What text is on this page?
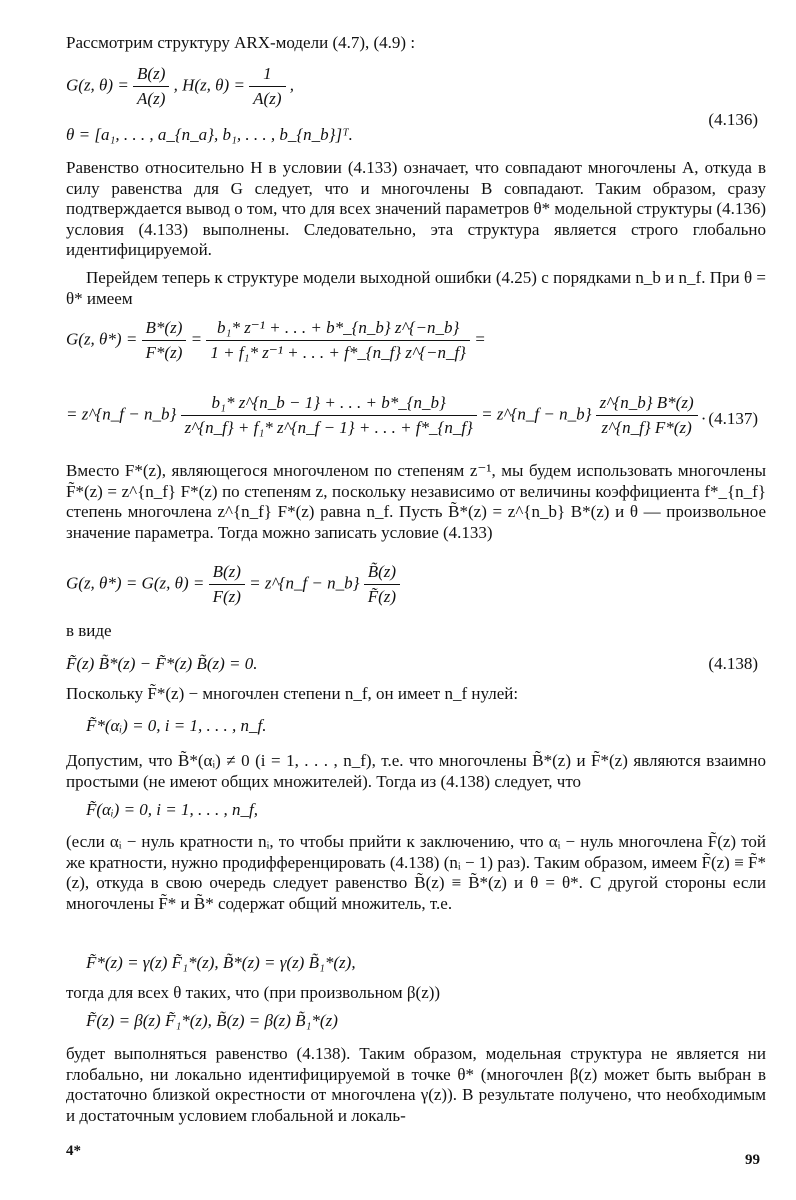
Рассмотрим структуру ARX-модели (4.7), (4.9) :
G(z, $\theta) = \frac{B(z)}{A(z)}$ , H(z, $\theta) = \frac{1}{A(z)}$ ,
θ = [a₁, . . . , a_{n_a}, b₁, . . . , b_{n_b}]ᵀ.
(4.136)
Равенство относительно H в условии (4.133) означает, что совпадают многочлены A, откуда в силу равенства для G следует, что и многочлены B совпадают. Таким образом, сразу подтверждается вывод о том, что для всех значений параметров θ* модельной структуры (4.136) условия (4.133) выполнены. Следовательно, эта структура является строго глобально идентифицируемой.
Перейдем теперь к структуре модели выходной ошибки (4.25) с порядками n_b и n_f. При θ = θ* имеем
G(z, $\theta*) = \frac{B*(z)}{F*(z)} = \frac{\text{b₁* z⁻¹ + . . . + b*\_\{n\_b\} z\textasciicircum{}\{−n\_b\}}}{\text{1 + f₁* z⁻¹ + . . . + f*\_\{n\_f\} z\textasciicircum{}\{−n\_f\}}}$ =
= z^{n_f − n_b} $\frac{\text{b₁* z\textasciicircum{}\{n\_b − 1\} + . . . + b*\_\{n\_b\}}}{\text{z\textasciicircum{}\{n\_f\} + f₁* z\textasciicircum{}\{n\_f − 1\} + . . . + f*\_\{n\_f\}}}$ = z^{n_f − n_b} $\frac{z\^{}\{n\_b\} B*(z)}{z\^{}\{n\_f\} F*(z)}$ . (4.137)
Вместо F*(z), являющегося многочленом по степеням z⁻¹, мы будем использовать многочлены F̃*(z) = z^{n_f} F*(z) по степеням z, поскольку независимо от величины коэффициента f*_{n_f} степень многочлена z^{n_f} F*(z) равна n_f. Пусть B̃*(z) = z^{n_b} B*(z) и θ — произвольное значение параметра. Тогда можно записать условие (4.133)
G(z, θ*) = G(z, $\theta) = \frac{B(z)}{F(z)}$ = z^{n_f − n_b} $\frac{B̃(z)}{F̃(z)}$
в виде
F̃(z) B̃*(z) − F̃*(z) B̃(z) = 0.	(4.138)
Поскольку F̃*(z) − многочлен степени n_f, он имеет n_f нулей:
F̃*(αᵢ) = 0, i = 1, . . . , n_f.
Допустим, что B̃*(αᵢ) ≠ 0 (i = 1, . . . , n_f), т.е. что многочлены B̃*(z) и F̃*(z) являются взаимно простыми (не имеют общих множителей). Тогда из (4.138) следует, что
F̃(αᵢ) = 0, i = 1, . . . , n_f,
(если αᵢ − нуль кратности nᵢ, то чтобы прийти к заключению, что αᵢ − нуль многочлена F̃(z) той же кратности, нужно продифференцировать (4.138) (nᵢ − 1) раз). Таким образом, имеем F̃(z) ≡ F̃*(z), откуда в свою очередь следует равенство B̃(z) ≡ B̃*(z) и θ = θ*. С другой стороны если многочлены F̃* и B̃* содержат общий множитель, т.е.
F̃*(z) = γ(z) F̃₁*(z), B̃*(z) = γ(z) B̃₁*(z),
тогда для всех θ таких, что (при произвольном β(z))
F̃(z) = β(z) F̃₁*(z), B̃(z) = β(z) B̃₁*(z)
будет выполняться равенство (4.138). Таким образом, модельная структура не является ни глобально, ни локально идентифицируемой в точке θ* (многочлен β(z) может быть выбран в достаточно близкой окрестности от многочлена γ(z)). В результате получено, что необходимым и достаточным условием глобальной и локаль-
4*
99
